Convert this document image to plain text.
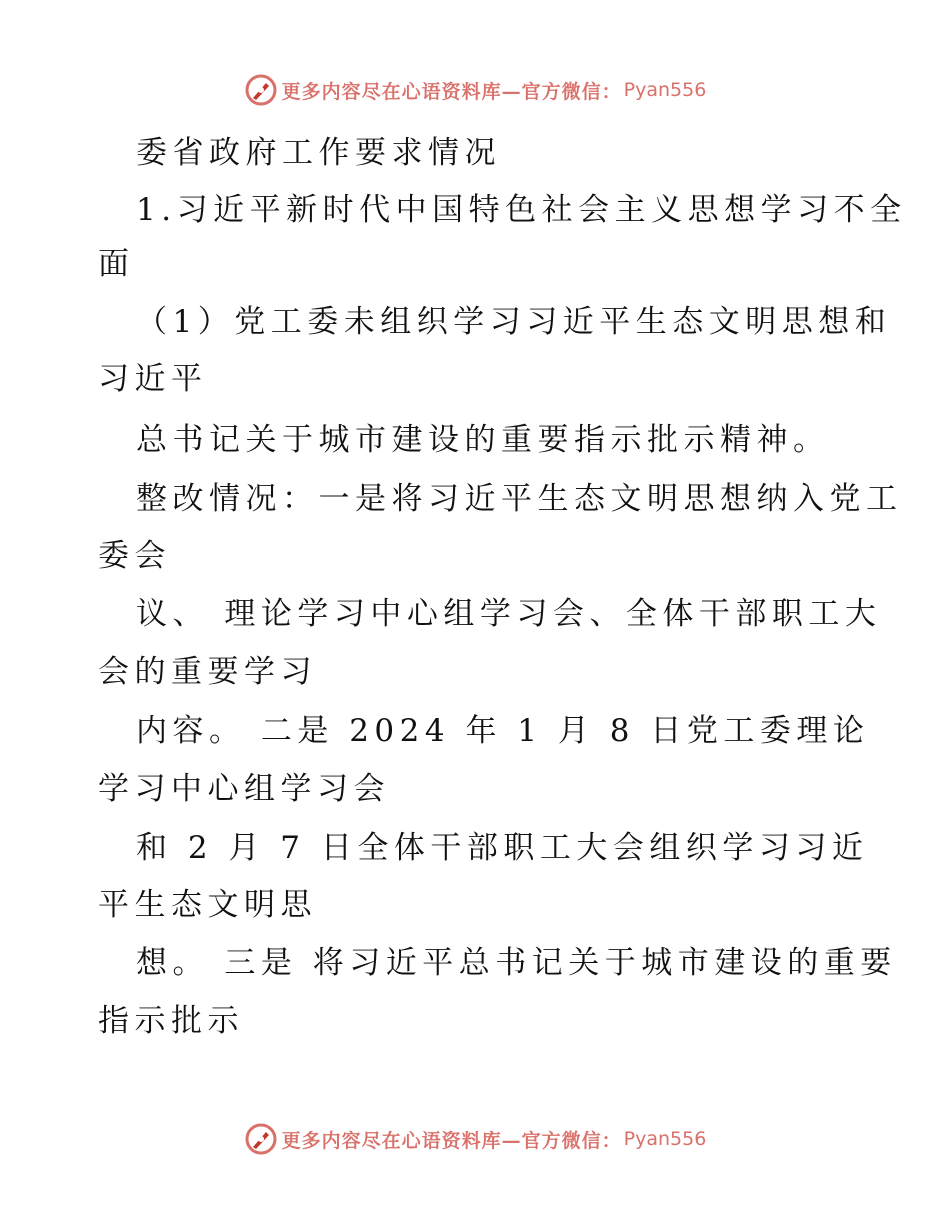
更多内容尽在心语资料库—官方微信： Pyan556
委省政府工作要求情况
1.习近平新时代中国特色社会主义思想学习不全
面
（1）党工委未组织学习习近平生态文明思想和
习近平
总书记关于城市建设的重要指示批示精神。
整改情况：一是将习近平生态文明思想纳入党工
委会
议、 理论学习中心组学习会、全体干部职工大
会的重要学习
内容。 二是 2024 年 1 月 8 日党工委理论
学习中心组学习会
和 2 月 7 日全体干部职工大会组织学习习近
平生态文明思
想。 三是 将习近平总书记关于城市建设的重要
指示批示
更多内容尽在心语资料库—官方微信： Pyan556
